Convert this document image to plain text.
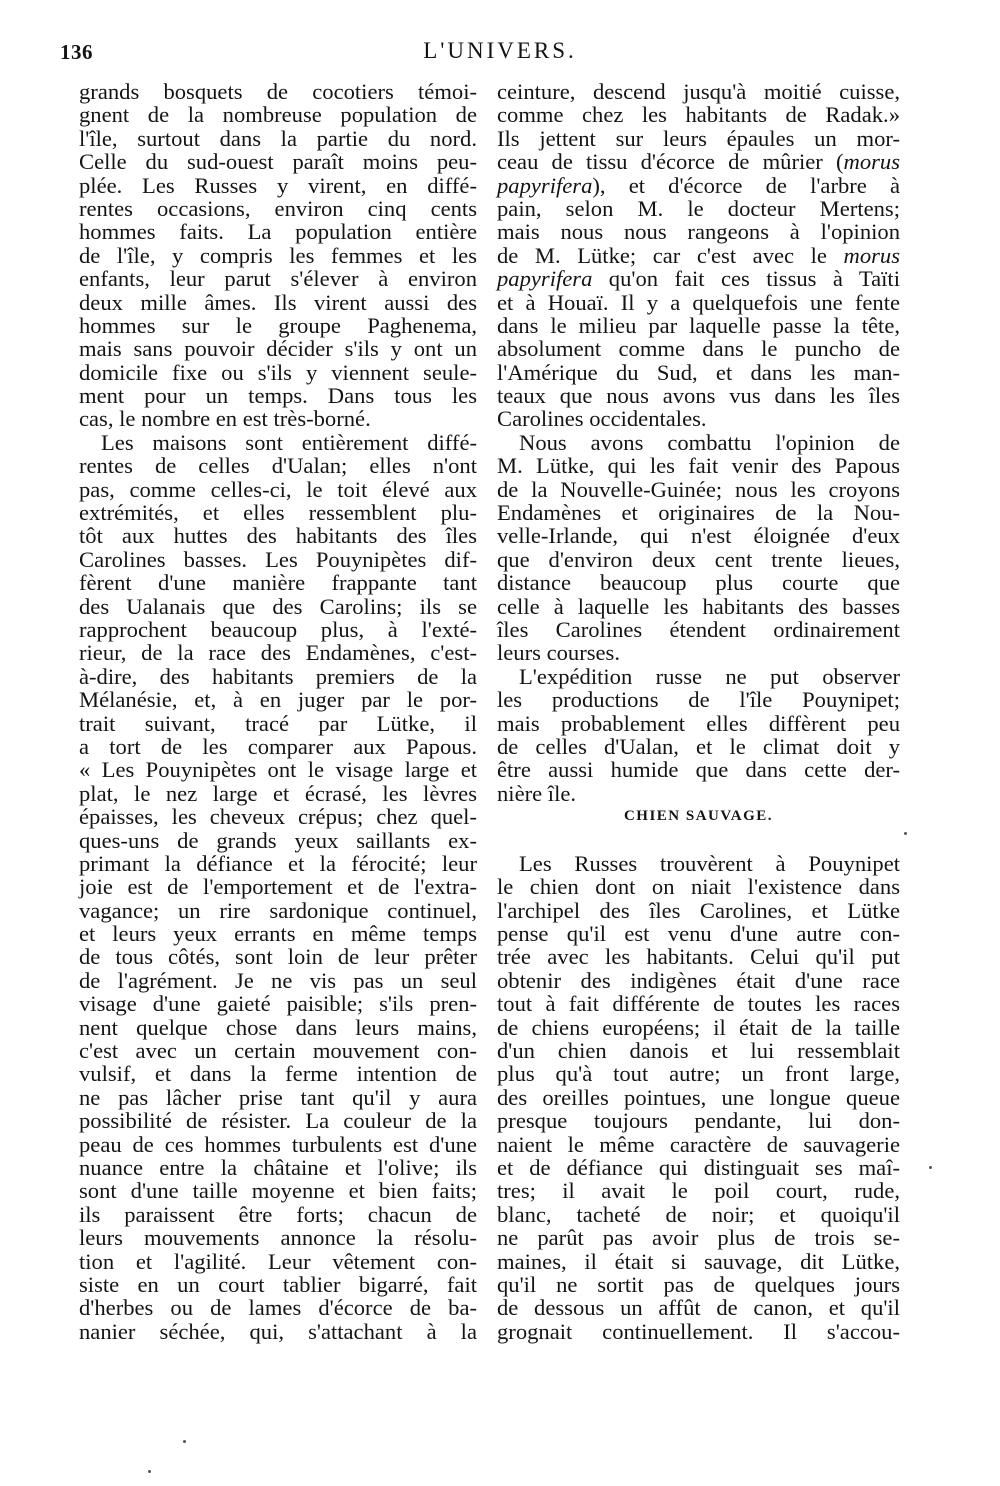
136	L'UNIVERS.
grands bosquets de cocotiers témoi-
gnent de la nombreuse population de
l'île, surtout dans la partie du nord.
Celle du sud-ouest paraît moins peu-
plée. Les Russes y virent, en diffé-
rentes occasions, environ cinq cents
hommes faits. La population entière
de l'île, y compris les femmes et les
enfants, leur parut s'élever à environ
deux mille âmes. Ils virent aussi des
hommes sur le groupe Paghenema,
mais sans pouvoir décider s'ils y ont un
domicile fixe ou s'ils y viennent seule-
ment pour un temps. Dans tous les
cas, le nombre en est très-borné.
Les maisons sont entièrement diffé-
rentes de celles d'Ualan; elles n'ont
pas, comme celles-ci, le toit élevé aux
extrémités, et elles ressemblent plu-
tôt aux huttes des habitants des îles
Carolines basses. Les Pouynipètes dif-
fèrent d'une manière frappante tant
des Ualanais que des Carolins; ils se
rapprochent beaucoup plus, à l'exté-
rieur, de la race des Endamènes, c'est-
à-dire, des habitants premiers de la
Mélanésie, et, à en juger par le por-
trait suivant, tracé par Lütke, il
a tort de les comparer aux Papous.
« Les Pouynipètes ont le visage large et
plat, le nez large et écrasé, les lèvres
épaisses, les cheveux crépus; chez quel-
ques-uns de grands yeux saillants ex-
primant la défiance et la férocité; leur
joie est de l'emportement et de l'extra-
vagance; un rire sardonique continuel,
et leurs yeux errants en même temps
de tous côtés, sont loin de leur prêter
de l'agrément. Je ne vis pas un seul
visage d'une gaieté paisible; s'ils pren-
nent quelque chose dans leurs mains,
c'est avec un certain mouvement con-
vulsif, et dans la ferme intention de
ne pas lâcher prise tant qu'il y aura
possibilité de résister. La couleur de la
peau de ces hommes turbulents est d'une
nuance entre la châtaine et l'olive; ils
sont d'une taille moyenne et bien faits;
ils paraissent être forts; chacun de
leurs mouvements annonce la résolu-
tion et l'agilité. Leur vêtement con-
siste en un court tablier bigarré, fait
d'herbes ou de lames d'écorce de ba-
nanier séchée, qui, s'attachant à la
ceinture, descend jusqu'à moitié cuisse,
comme chez les habitants de Radak.»
Ils jettent sur leurs épaules un mor-
ceau de tissu d'écorce de mûrier (morus
papyrifera), et d'écorce de l'arbre à
pain, selon M. le docteur Mertens;
mais nous nous rangeons à l'opinion
de M. Lütke; car c'est avec le morus
papyrifera qu'on fait ces tissus à Taïti
et à Houaï. Il y a quelquefois une fente
dans le milieu par laquelle passe la tête,
absolument comme dans le puncho de
l'Amérique du Sud, et dans les man-
teaux que nous avons vus dans les îles
Carolines occidentales.
Nous avons combattu l'opinion de
M. Lütke, qui les fait venir des Papous
de la Nouvelle-Guinée; nous les croyons
Endamènes et originaires de la Nou-
velle-Irlande, qui n'est éloignée d'eux
que d'environ deux cent trente lieues,
distance beaucoup plus courte que
celle à laquelle les habitants des basses
îles Carolines étendent ordinairement
leurs courses.
L'expédition russe ne put observer
les productions de l'île Pouynipet;
mais probablement elles diffèrent peu
de celles d'Ualan, et le climat doit y
être aussi humide que dans cette der-
nière île.
CHIEN SAUVAGE.
Les Russes trouvèrent à Pouynipet
le chien dont on niait l'existence dans
l'archipel des îles Carolines, et Lütke
pense qu'il est venu d'une autre con-
trée avec les habitants. Celui qu'il put
obtenir des indigènes était d'une race
tout à fait différente de toutes les races
de chiens européens; il était de la taille
d'un chien danois et lui ressemblait
plus qu'à tout autre; un front large,
des oreilles pointues, une longue queue
presque toujours pendante, lui don-
naient le même caractère de sauvagerie
et de défiance qui distinguait ses maî-
tres; il avait le poil court, rude,
blanc, tacheté de noir; et quoiqu'il
ne parût pas avoir plus de trois se-
maines, il était si sauvage, dit Lütke,
qu'il ne sortit pas de quelques jours
de dessous un affût de canon, et qu'il
grognait continuellement. Il s'accou-
